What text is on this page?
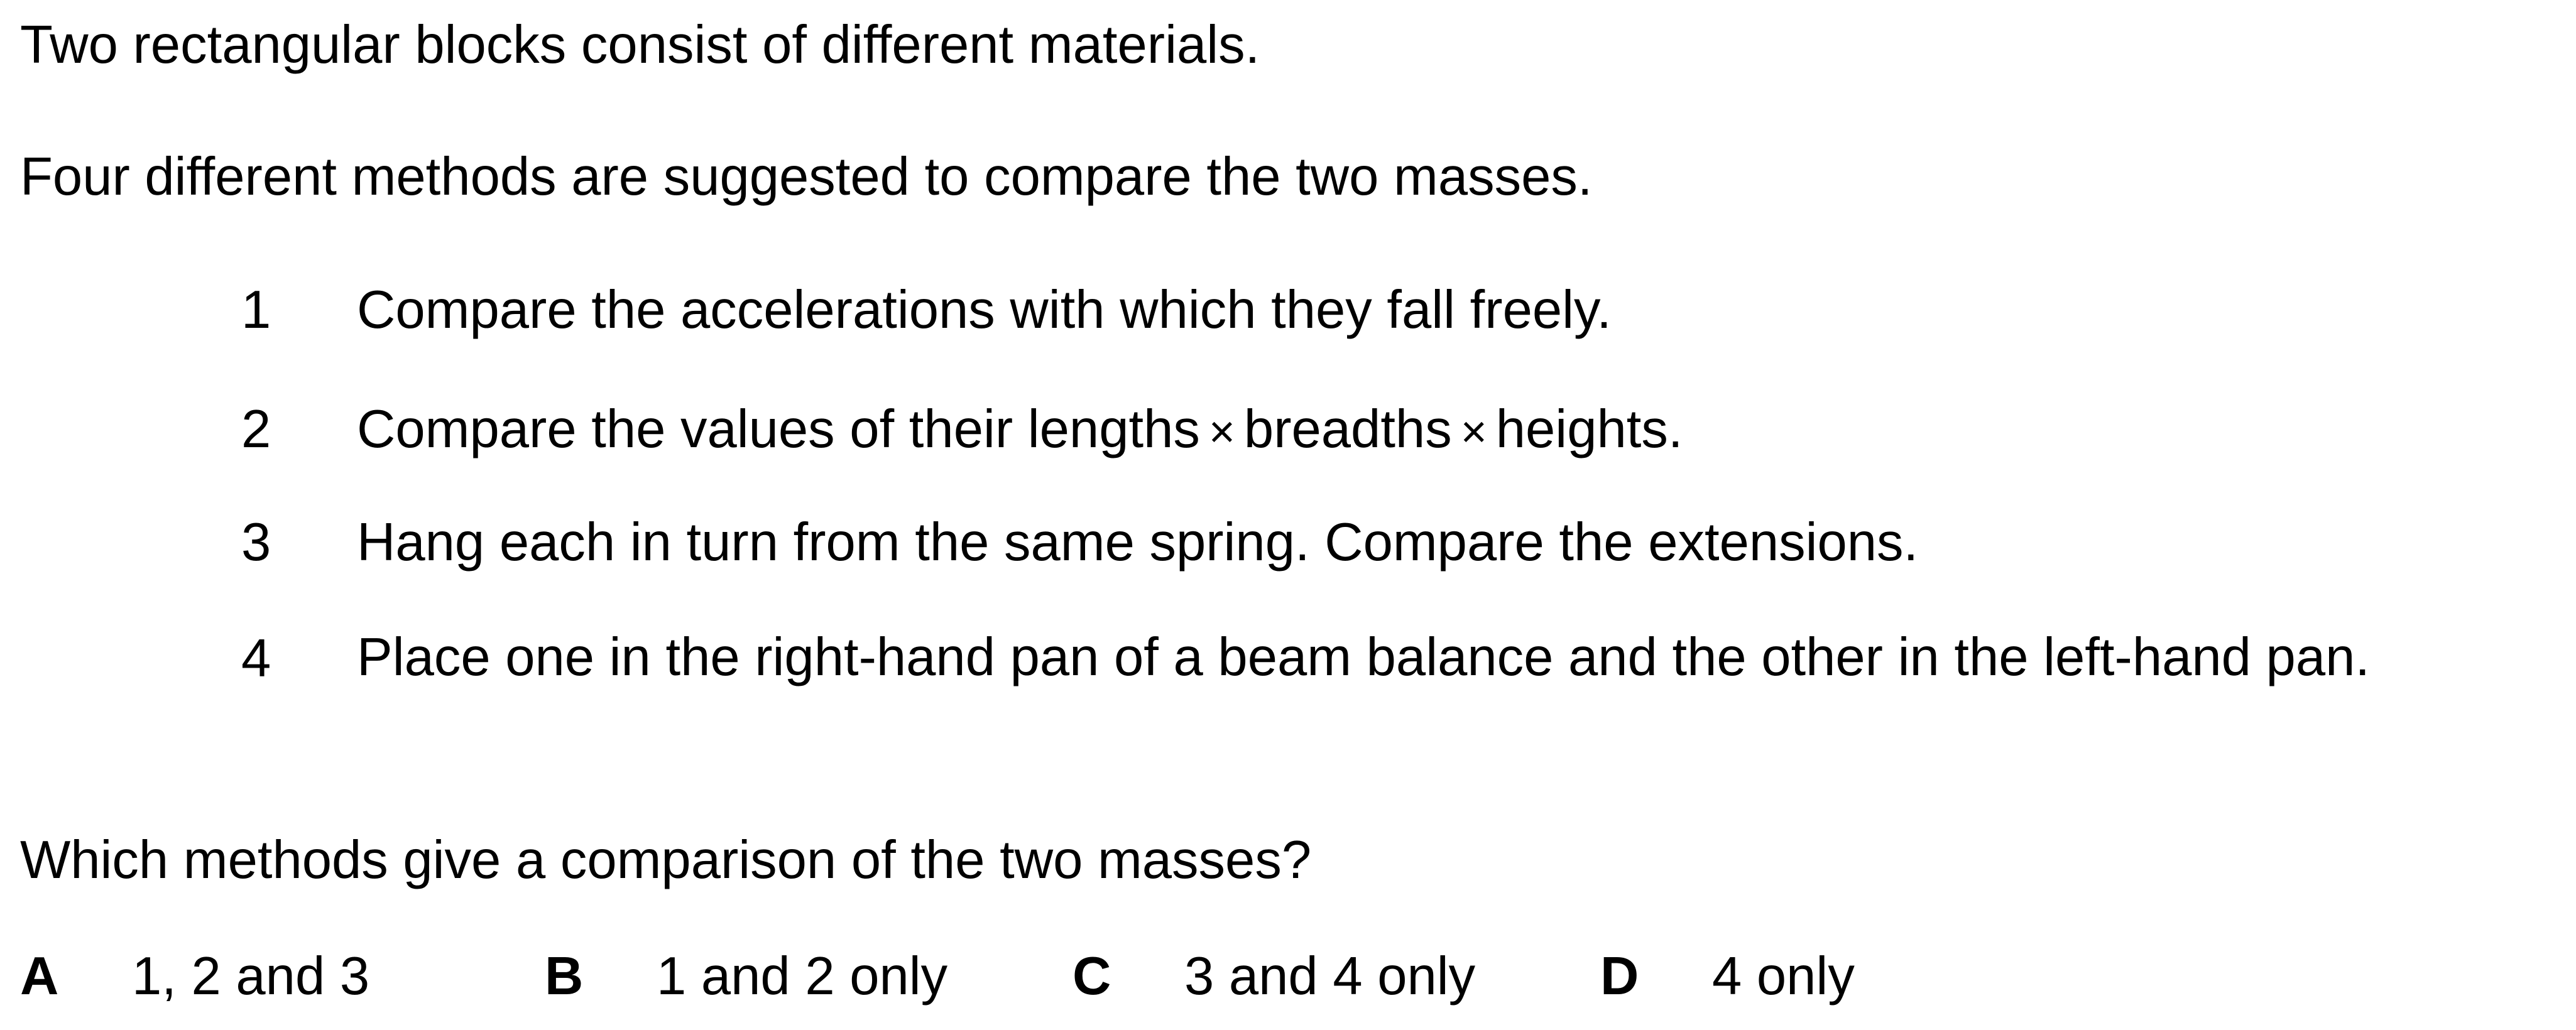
Two rectangular blocks consist of different materials.
Four different methods are suggested to compare the two masses.
1 Compare the accelerations with which they fall freely.
2 Compare the values of their lengths × breadths × heights.
3 Hang each in turn from the same spring. Compare the extensions.
4 Place one in the right-hand pan of a beam balance and the other in the left-hand pan.
Which methods give a comparison of the two masses?
A 1, 2 and 3	B 1 and 2 only C 3 and 4 only D 4 only
